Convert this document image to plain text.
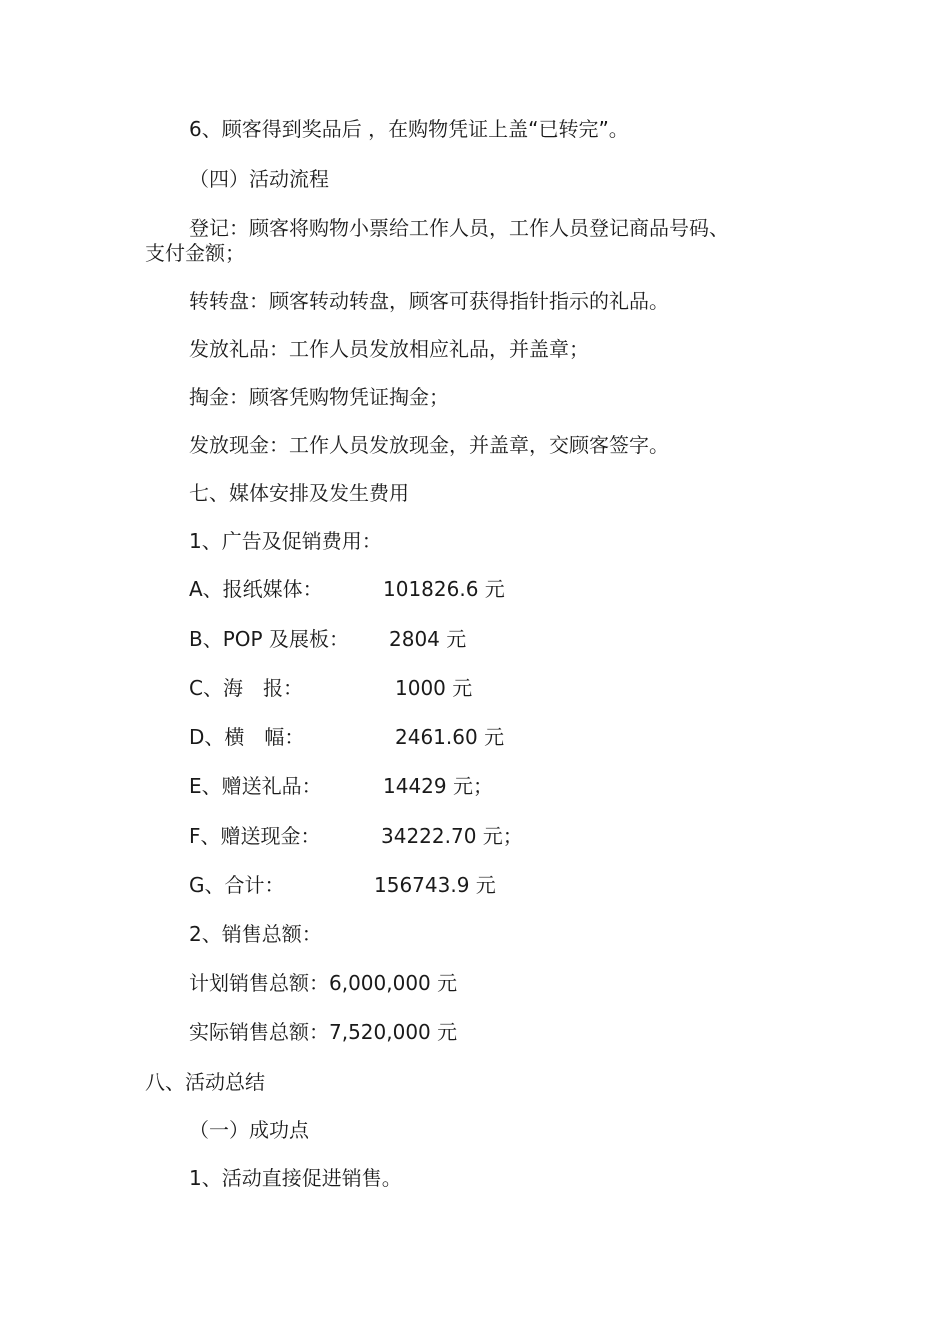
6、顾客得到奖品后 ，在购物凭证上盖“已转完”。
（四）活动流程
登记：顾客将购物小票给工作人员，工作人员登记商品号码、
支付金额；
转转盘：顾客转动转盘，顾客可获得指针指示的礼品。
发放礼品：工作人员发放相应礼品，并盖章；
掏金：顾客凭购物凭证掏金；
发放现金：工作人员发放现金，并盖章，交顾客签字。
七、媒体安排及发生费用
1、广告及促销费用：
A、报纸媒体：	101826.6 元
B、POP 及展板： 2804 元
C、海　报：	1000 元
D、横　幅：	2461.60 元
E、赠送礼品：	14429 元；
F、赠送现金：	34222.70 元；
G、合计：	156743.9 元
2、销售总额：
计划销售总额：6,000,000 元
实际销售总额：7,520,000 元
八、活动总结
（一）成功点
1、活动直接促进销售。
